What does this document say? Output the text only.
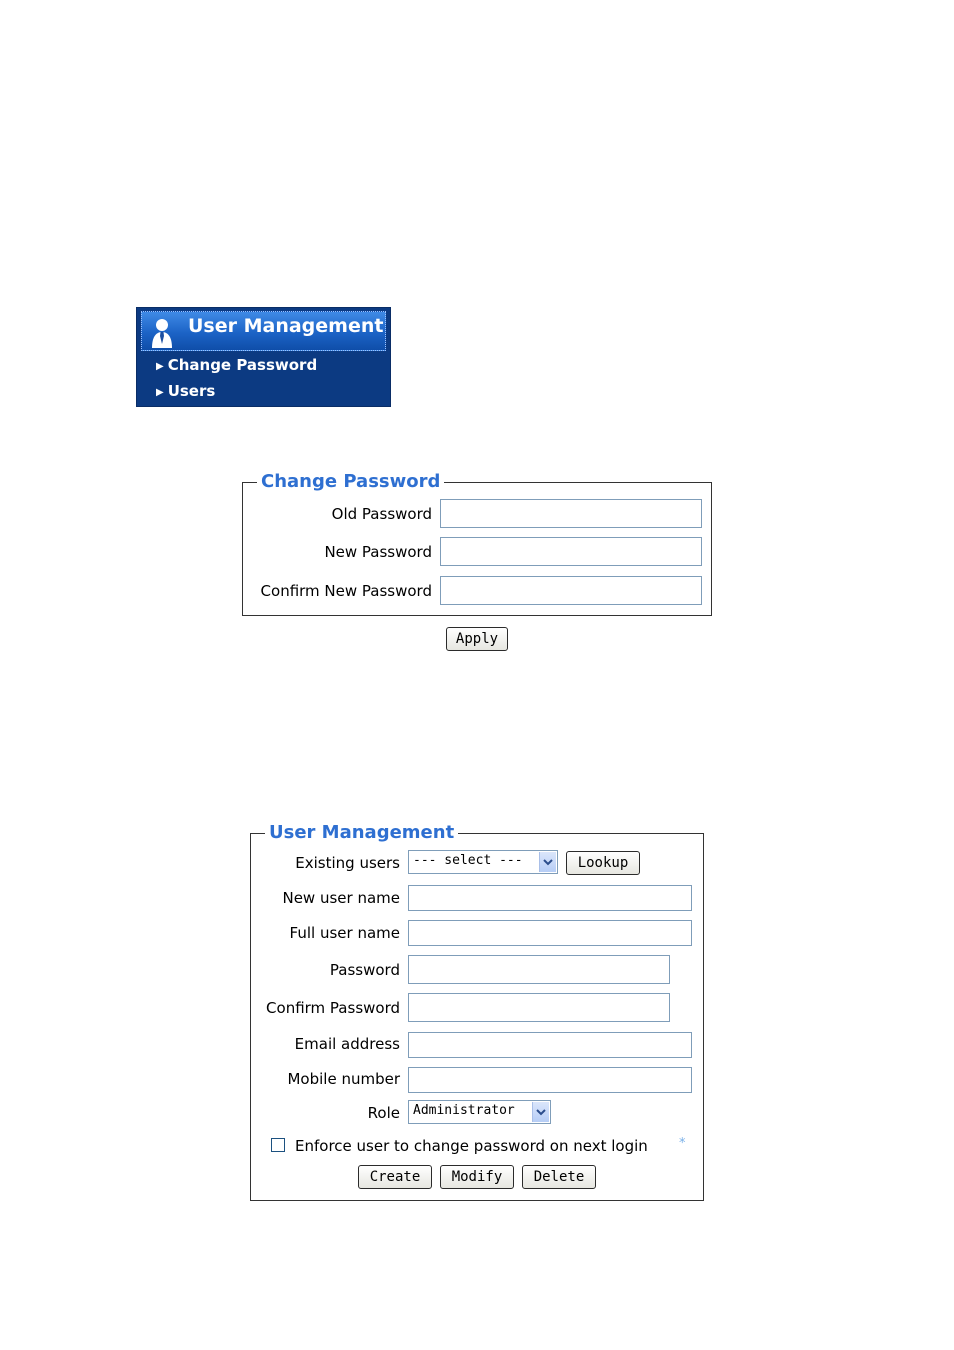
User Management
▶ Change Password
▶ Users
Change Password
Old Password
New Password
Confirm New Password
Apply
User Management
Existing users --- select ---	Lookup
New user name
Full user name
Password
Confirm Password
Email address
Mobile number
Role Administrator
Enforce user to change password on next login *
Create	Modify	Delete
